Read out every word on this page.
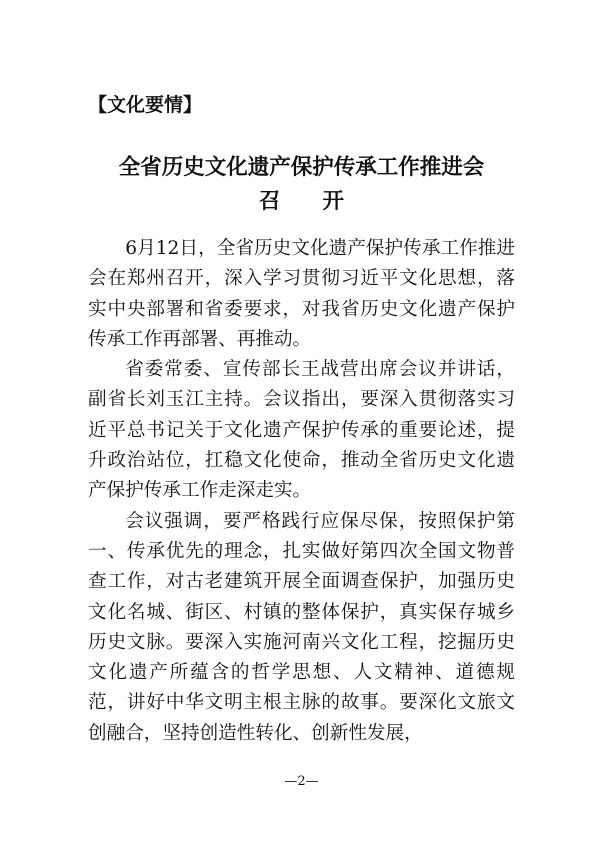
【文化要情】
全省历史文化遗产保护传承工作推进会
召 开

6月12日，全省历史文化遗产保护传承工作推进会在郑州召开，深入学习贯彻习近平文化思想，落实中央部署和省委要求，对我省历史文化遗产保护传承工作再部署、再推动。

省委常委、宣传部长王战营出席会议并讲话，副省长刘玉江主持。会议指出，要深入贯彻落实习近平总书记关于文化遗产保护传承的重要论述，提升政治站位，扛稳文化使命，推动全省历史文化遗产保护传承工作走深走实。

会议强调，要严格践行应保尽保，按照保护第一、传承优先的理念，扎实做好第四次全国文物普查工作，对古老建筑开展全面调查保护，加强历史文化名城、街区、村镇的整体保护，真实保存城乡历史文脉。要深入实施河南兴文化工程，挖掘历史文化遗产所蕴含的哲学思想、人文精神、道德规范，讲好中华文明主根主脉的故事。要深化文旅文创融合，坚持创造性转化、创新性发展，

—2—
